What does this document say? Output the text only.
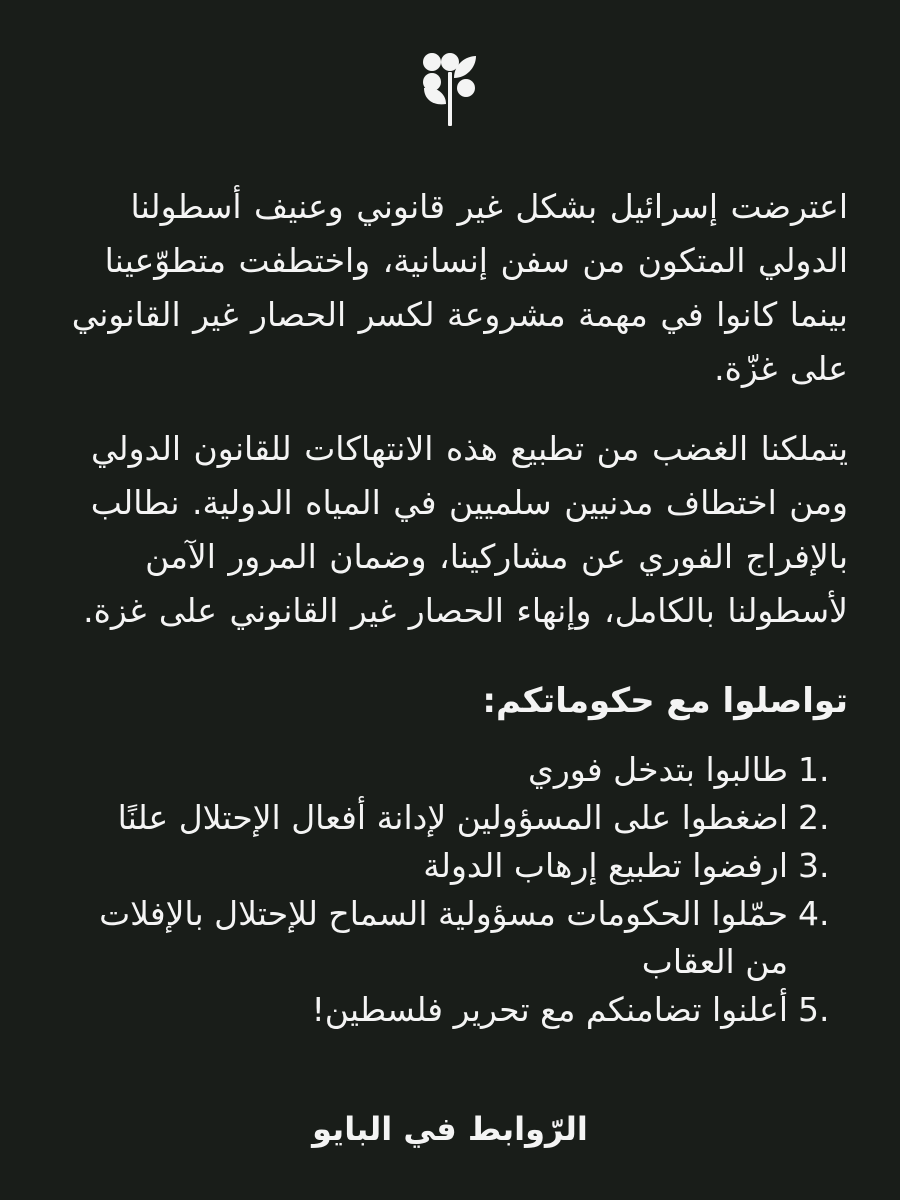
اعترضت إسرائيل بشكل غير قانوني وعنيف أسطولنا الدولي المتكون من سفن إنسانية، واختطفت متطوّعينا بينما كانوا في مهمة مشروعة لكسر الحصار غير القانوني على غزّة.

يتملكنا الغضب من تطبيع هذه الانتهاكات للقانون الدولي ومن اختطاف مدنيين سلميين في المياه الدولية. نطالب بالإفراج الفوري عن مشاركينا، وضمان المرور الآمن لأسطولنا بالكامل، وإنهاء الحصار غير القانوني على غزة.

تواصلوا مع حكوماتكم:
1.
طالبوا بتدخل فوري
2.
اضغطوا على المسؤولين لإدانة أفعال الإحتلال علنًا
3.
ارفضوا تطبيع إرهاب الدولة
4.
حمّلوا الحكومات مسؤولية السماح للإحتلال بالإفلات من العقاب
5.
أعلنوا تضامنكم مع تحرير فلسطين!
الرّوابط في البايو
